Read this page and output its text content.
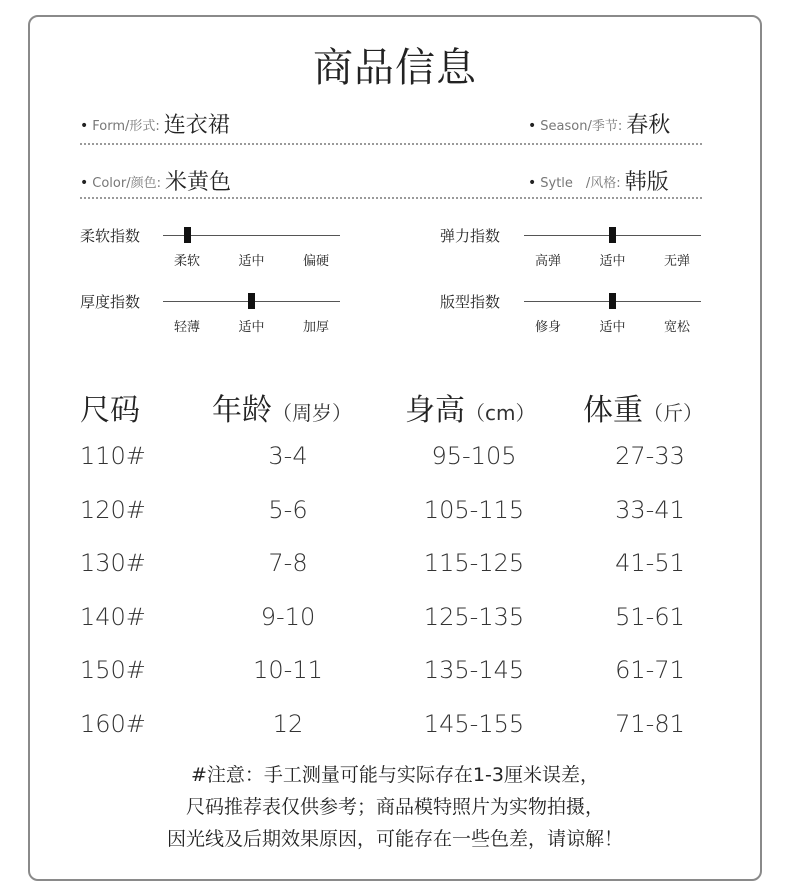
商品信息
• Form/形式: 连衣裙	• Season/季节: 春秋
• Color/颜色: 米黄色	• Sytle　/风格: 韩版
柔软指数
柔软	适中	偏硬
弹力指数
高弹	适中	无弹
厚度指数
轻薄	适中	加厚
版型指数
修身	适中	宽松
尺码 年龄（周岁） 身高（cm） 体重（斤）
110#	3-4	95-105	27-33
120#	5-6	105-115	33-41
130#	7-8	115-125	41-51
140#	9-10	125-135	51-61
150#	10-11	135-145	61-71
160#	12	145-155	71-81
#注意：手工测量可能与实际存在1-3厘米误差，
尺码推荐表仅供参考；商品模特照片为实物拍摄，
因光线及后期效果原因，可能存在一些色差，请谅解！
